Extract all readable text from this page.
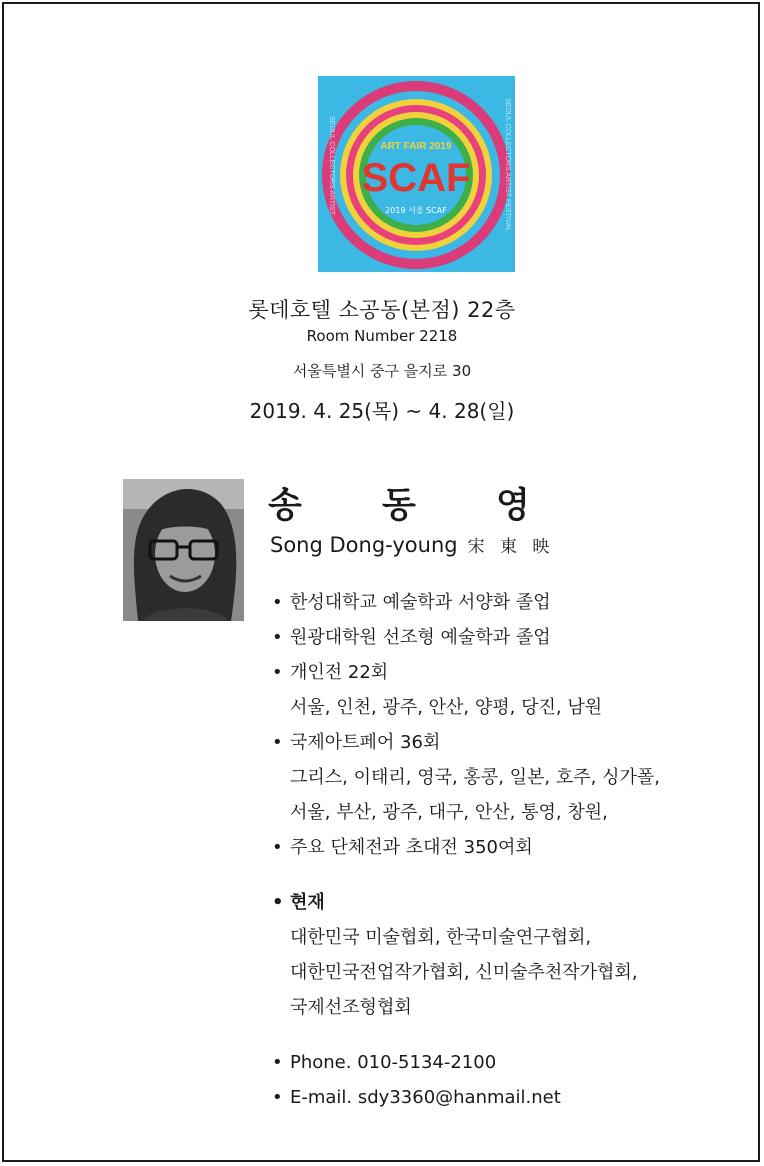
ART FAIR 2019
SCAF
2019 서울 SCAF
SEOUL COLLECTORS ARTIST	SEOUL COLLECTORS ARTIST FESTIVAL
롯데호텔 소공동(본점) 22층
Room Number 2218
서울특별시 중구 을지로 30
2019. 4. 25(목) ~ 4. 28(일)
송 동 영
Song Dong-young 宋 東 映
• 한성대학교 예술학과 서양화 졸업
• 원광대학원 선조형 예술학과 졸업
• 개인전 22회
서울, 인천, 광주, 안산, 양평, 당진, 남원
• 국제아트페어 36회
그리스, 이태리, 영국, 홍콩, 일본, 호주, 싱가폴,
서울, 부산, 광주, 대구, 안산, 통영, 창원,
• 주요 단체전과 초대전 350여회
• 현재
대한민국 미술협회, 한국미술연구협회,
대한민국전업작가협회, 신미술추천작가협회,
국제선조형협회
• Phone. 010-5134-2100
• E-mail. sdy3360@hanmail.net
